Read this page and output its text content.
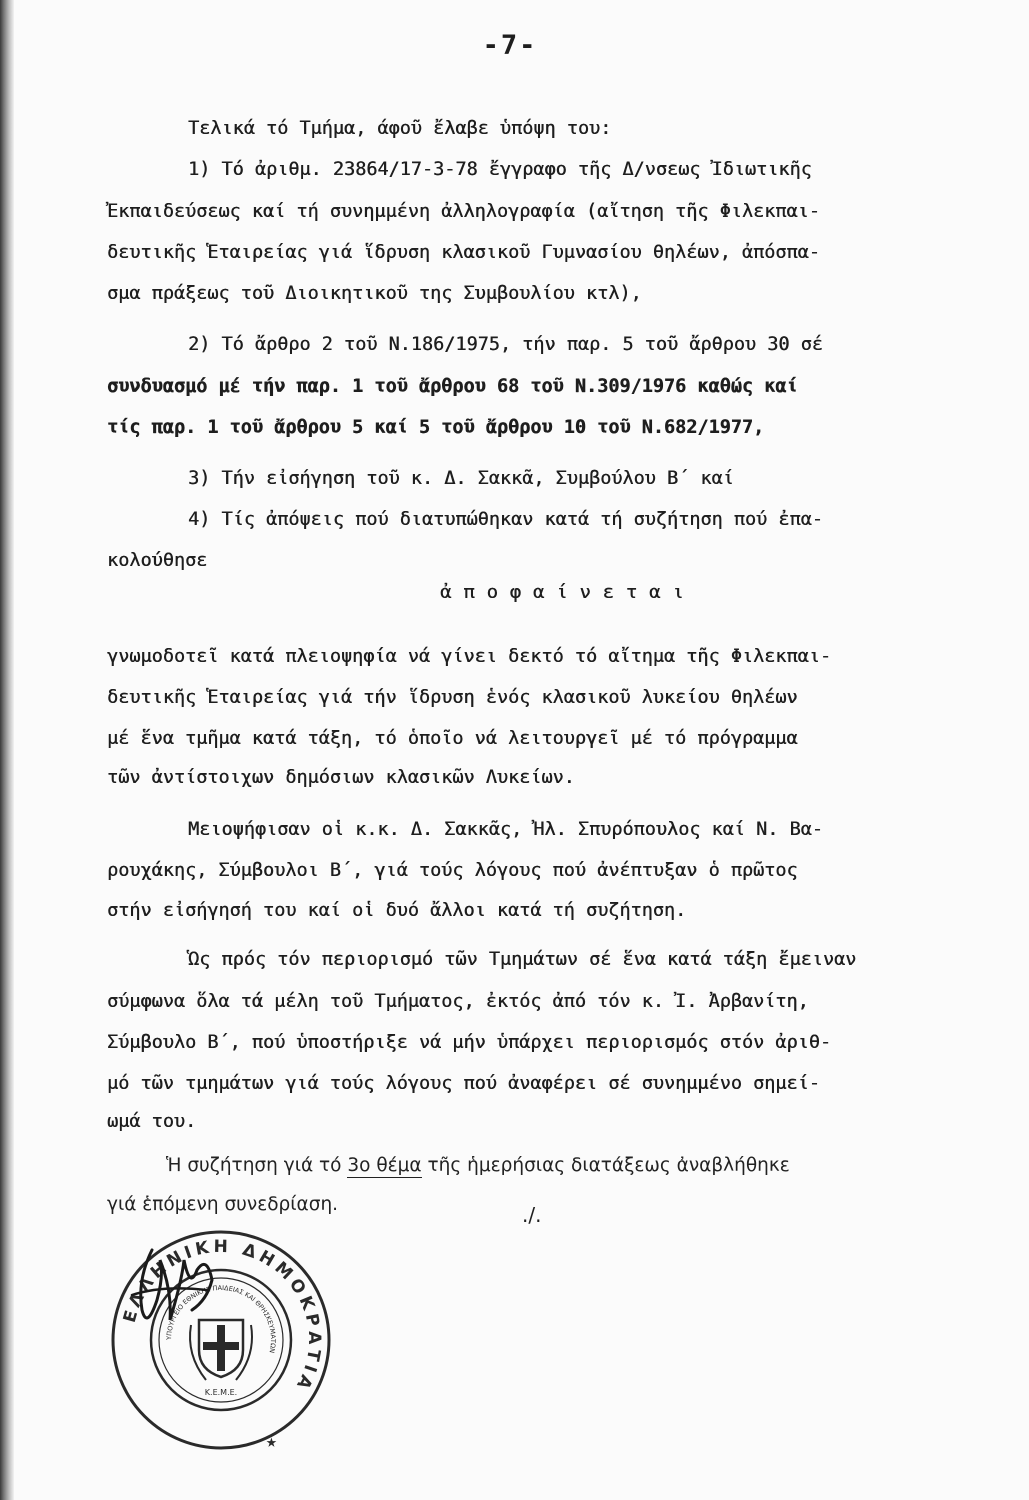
-7-
Τελικά τό Τμήμα, άφοῦ ἔλαβε ὑπόψη του:
1) Τό ἀριθμ. 23864/17-3-78 ἔγγραφο τῆς Δ/νσεως Ἰδιωτικῆς
Ἐκπαιδεύσεως καί τή συνημμένη ἀλληλογραφία (αἴτηση τῆς Φιλεκπαι-
δευτικῆς Ἑταιρείας γιά ἵδρυση κλασικοῦ Γυμνασίου θηλέων, ἀπόσπα-
σμα πράξεως τοῦ Διοικητικοῦ της Συμβουλίου κτλ),
2) Τό ἄρθρο 2 τοῦ Ν.186/1975, τήν παρ. 5 τοῦ ἄρθρου 30 σέ
συνδυασμό μέ τήν παρ. 1 τοῦ ἄρθρου 68 τοῦ Ν.309/1976 καθώς καί
τίς παρ. 1 τοῦ ἄρθρου 5 καί 5 τοῦ ἄρθρου 10 τοῦ Ν.682/1977,
3) Τήν εἰσήγηση τοῦ κ. Δ. Σακκᾶ, Συμβούλου Β΄ καί
4) Τίς ἀπόψεις πού διατυπώθηκαν κατά τή συζήτηση πού ἐπα-
κολούθησε
ἀποφαίνεται
γνωμοδοτεῖ κατά πλειοψηφία νά γίνει δεκτό τό αἴτημα τῆς Φιλεκπαι-
δευτικῆς Ἑταιρείας γιά τήν ἵδρυση ἑνός κλασικοῦ λυκείου θηλέων
μέ ἕνα τμῆμα κατά τάξη, τό ὁποῖο νά λειτουργεῖ μέ τό πρόγραμμα
τῶν ἀντίστοιχων δημόσιων κλασικῶν Λυκείων.
Μειοψήφισαν οἱ κ.κ. Δ. Σακκᾶς, Ἠλ. Σπυρόπουλος καί Ν. Βα-
ρουχάκης, Σύμβουλοι Β΄, γιά τούς λόγους πού ἀνέπτυξαν ὁ πρῶτος
στήν εἰσήγησή του καί οἱ δυό ἄλλοι κατά τή συζήτηση.
Ὡς πρός τόν περιορισμό τῶν Τμημάτων σέ ἕνα κατά τάξη ἔμειναν
σύμφωνα ὅλα τά μέλη τοῦ Τμήματος, ἐκτός ἀπό τόν κ. Ἰ. Ἀρβανίτη,
Σύμβουλο Β΄, πού ὑποστήριξε νά μήν ὑπάρχει περιορισμός στόν ἀριθ-
μό τῶν τμημάτων γιά τούς λόγους πού ἀναφέρει σέ συνημμένο σημεί-
ωμά του.
Ἡ συζήτηση γιά τό 3ο θέμα τῆς ἡμερήσιας διατάξεως ἀναβλήθηκε
γιά ἑπόμενη συνεδρίαση.	./.
ΕΛΛΗΝΙΚΗ ΔΗΜΟΚΡΑΤΙΑ
ΥΠΟΥΡΓΕΙΟ ΕΘΝΙΚΗΣ ΠΑΙΔΕΙΑΣ ΚΑΙ ΘΡΗΣΚΕΥΜΑΤΩΝ
Κ.Ε.Μ.Ε.
★
